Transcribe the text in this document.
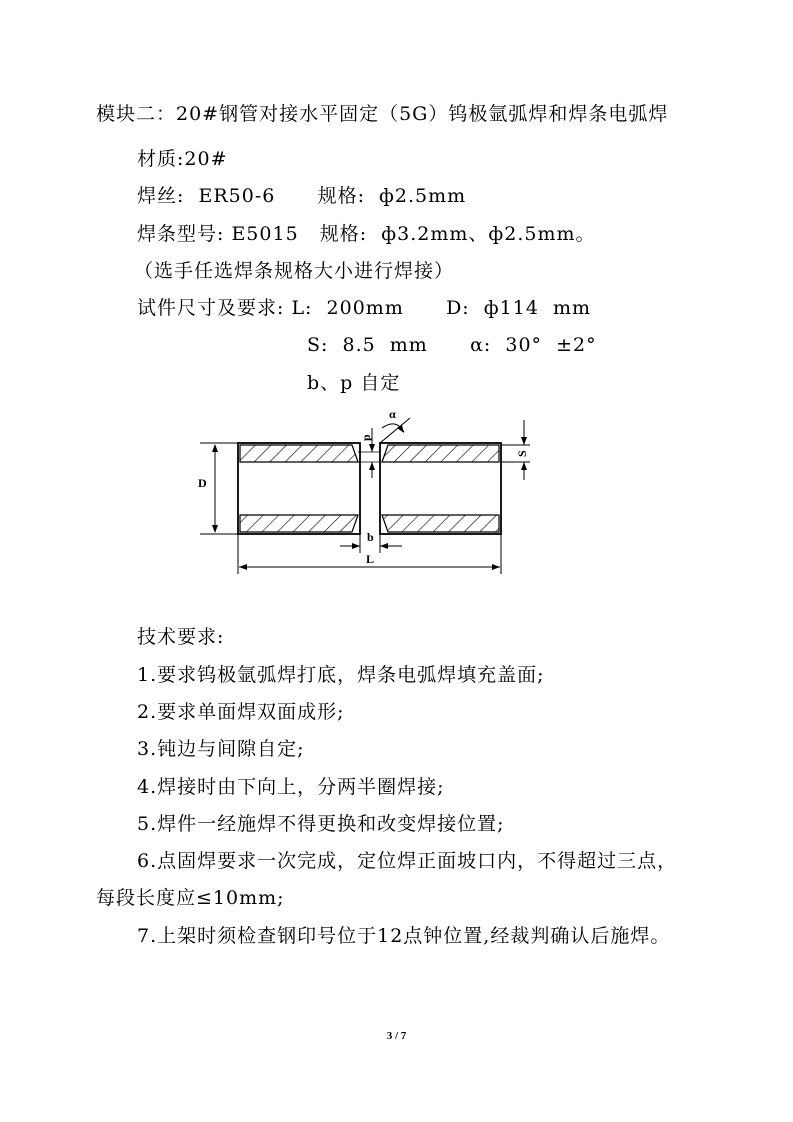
模块二：20#钢管对接水平固定（5G）钨极氩弧焊和焊条电弧焊
材质:20#
焊丝:  ER50-6      规格:  ф2.5mm
焊条型号: E5015   规格:  ф3.2mm、ф2.5mm。
（选手任选焊条规格大小进行焊接）
试件尺寸及要求: L:  200mm      D:  ф114  mm
S:  8.5  mm      α:  30°  ±2°
b、p 自定
D
L
S
b
p
α
技术要求:
1.要求钨极氩弧焊打底，焊条电弧焊填充盖面;
2.要求单面焊双面成形;
3.钝边与间隙自定;
4.焊接时由下向上，分两半圈焊接;
5.焊件一经施焊不得更换和改变焊接位置;
6.点固焊要求一次完成，定位焊正面坡口内，不得超过三点，
每段长度应≤10mm;
7.上架时须检查钢印号位于12点钟位置,经裁判确认后施焊。
3 / 7
